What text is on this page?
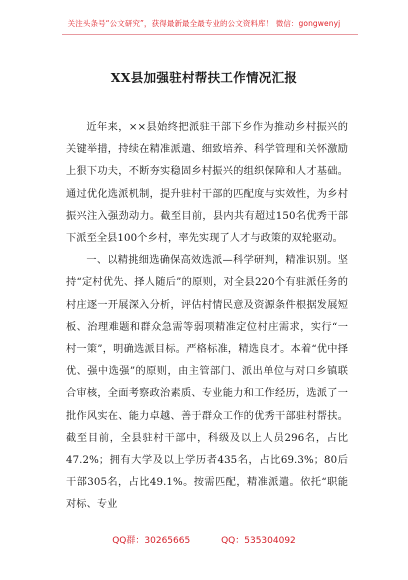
关注头条号“公文研究”，获得最新最全最专业的公文资料库！ 微信：gongwenyj
XX县加强驻村帮扶工作情况汇报

近年来，××县始终把派驻干部下乡作为推动乡村振兴的关键举措，持续在精准派遣、细致培养、科学管理和关怀激励上狠下功夫，不断夯实稳固乡村振兴的组织保障和人才基础。通过优化选派机制，提升驻村干部的匹配度与实效性，为乡村振兴注入强劲动力。截至目前，县内共有超过150名优秀干部下派至全县100个乡村，率先实现了人才与政策的双轮驱动。

一、以精挑细选确保高效选派—科学研判，精准识别。坚持“定村优先、择人随后”的原则，对全县220个有驻派任务的村庄逐一开展深入分析，评估村情民意及资源条件根据发展短板、治理难题和群众急需等弱项精准定位村庄需求，实行“一村一策”，明确选派目标。严格标准，精选良才。本着“优中择优、强中选强”的原则，由主管部门、派出单位与对口乡镇联合审核，全面考察政治素质、专业能力和工作经历，选派了一批作风实在、能力卓越、善于群众工作的优秀干部驻村帮扶。截至目前，全县驻村干部中，科级及以上人员296名，占比47.2%；拥有大学及以上学历者435名，占比69.3%；80后干部305名，占比49.1%。按需匹配，精准派遣。依托“职能对标、专业

QQ群：30265665	QQ：535304092
